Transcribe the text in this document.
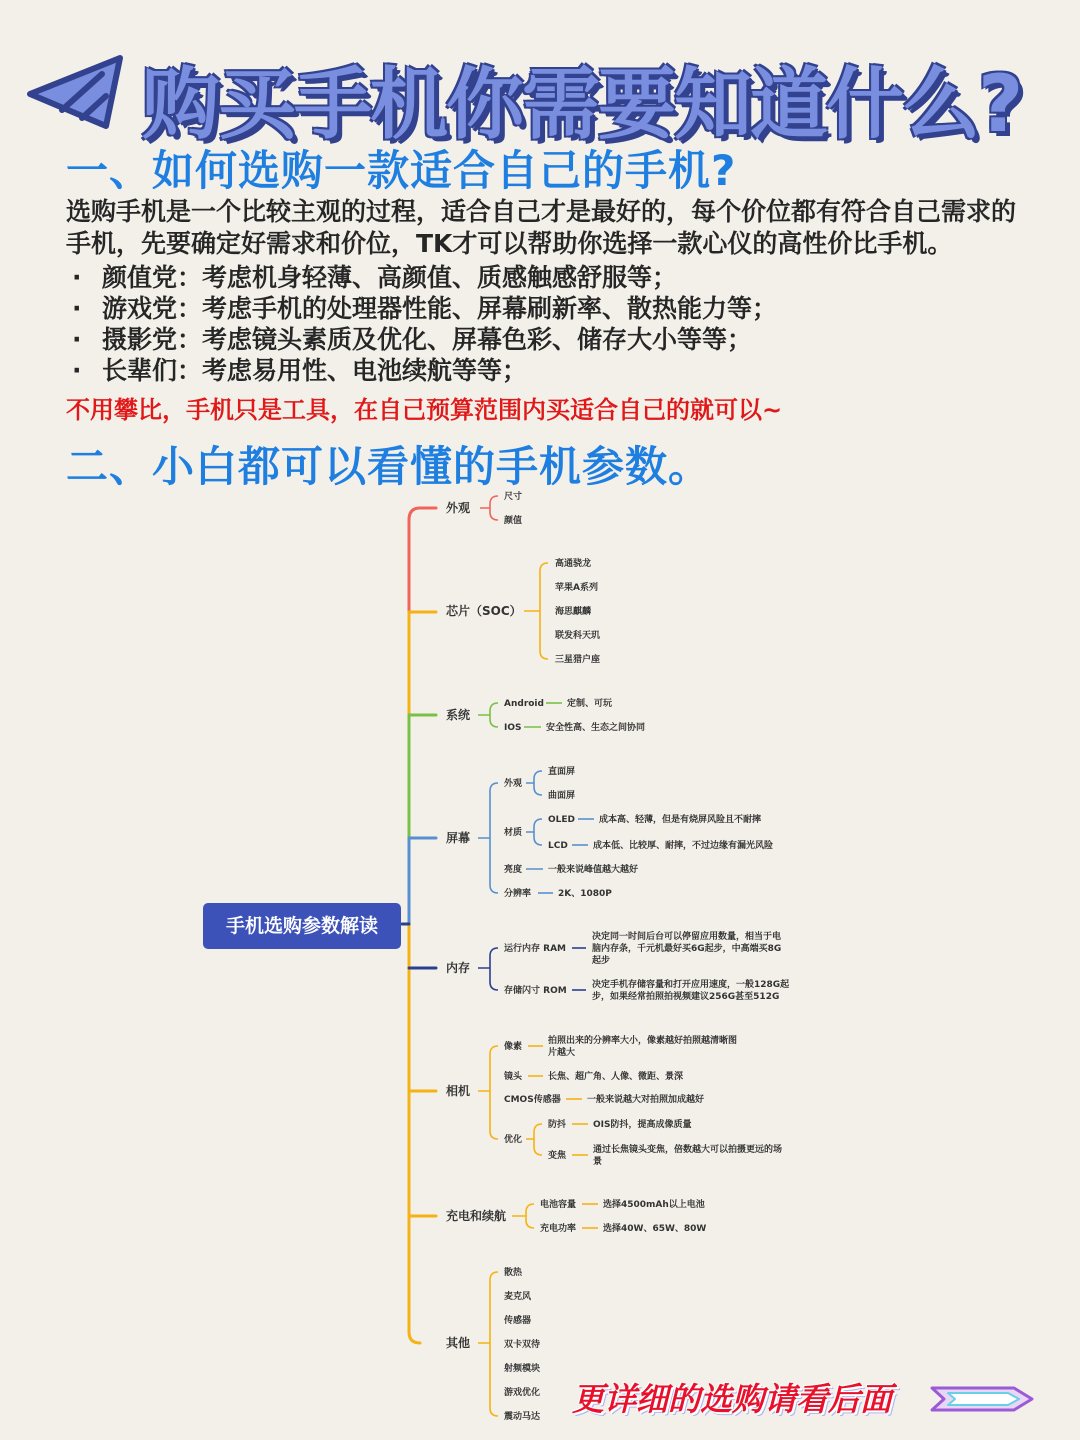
购买手机你需要知道什么?
一、如何选购一款适合自己的手机?
选购手机是一个比较主观的过程，适合自己才是最好的，每个价位都有符合自己需求的手机，先要确定好需求和价位，TK才可以帮助你选择一款心仪的高性价比手机。
· 颜值党：考虑机身轻薄、高颜值、质感触感舒服等；
· 游戏党：考虑手机的处理器性能、屏幕刷新率、散热能力等；
· 摄影党：考虑镜头素质及优化、屏幕色彩、储存大小等等；
· 长辈们：考虑易用性、电池续航等等；
不用攀比，手机只是工具，在自己预算范围内买适合自己的就可以~
二、小白都可以看懂的手机参数。
外观
芯片（SOC）
系统
屏幕
内存
相机
充电和续航
其他
尺寸
颜值
高通骁龙
苹果A系列
海思麒麟
联发科天玑
三星猎户座
Android	定制、可玩
IOS	安全性高、生态之间协同
外观
直面屏
曲面屏
材质
OLED	成本高、轻薄，但是有烧屏风险且不耐摔
LCD	成本低、比较厚、耐摔，不过边缘有漏光风险
亮度	一般来说峰值越大越好
分辨率	2K、1080P
运行内存 RAM
决定同一时间后台可以停留应用数量，相当于电
脑内存条，千元机最好买6G起步，中高端买8G
起步
存储闪寸 ROM
决定手机存储容量和打开应用速度，一般128G起
步，如果经常拍照拍视频建议256G甚至512G
像素
拍照出来的分辨率大小，像素越好拍照越清晰图
片越大
镜头	长焦、超广角、人像、微距、景深
CMOS传感器	一般来说越大对拍照加成越好
优化
防抖	OIS防抖，提高成像质量
变焦
通过长焦镜头变焦，倍数越大可以拍摄更远的场
景
电池容量	选择4500mAh以上电池
充电功率	选择40W、65W、80W
散热
麦克风
传感器
双卡双待
射频模块
游戏优化
震动马达
手机选购参数解读
更详细的选购请看后面
